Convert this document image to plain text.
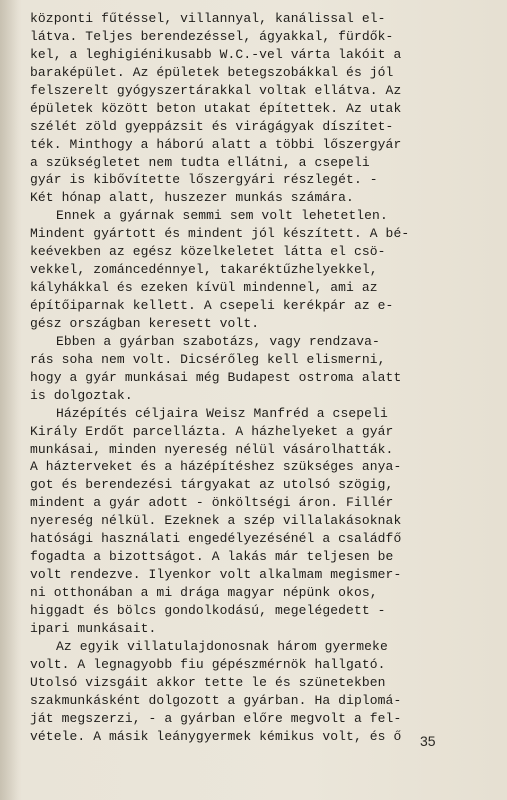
központi fűtéssel, villannyal, kanálissal el-
látva. Teljes berendezéssel, ágyakkal, fürdők-
kel, a leghigiénikusabb W.C.-vel várta lakóit a
baraképület. Az épületek betegszobákkal és jól
felszerelt gyógyszertárakkal voltak ellátva. Az
épületek között beton utakat építettek. Az utak
szélét zöld gyeppázsit és virágágyak díszítet-
ték. Minthogy a háború alatt a többi lőszergyár
a szükségletet nem tudta ellátni, a csepeli
gyár is kibővítette lőszergyári részlegét. -
Két hónap alatt, huszezer munkás számára.
Ennek a gyárnak semmi sem volt lehetetlen.
Mindent gyártott és mindent jól készített. A bé-
keévekben az egész közelkeletet látta el csö-
vekkel, zománcedénnyel, takaréktűzhelyekkel,
kályhákkal és ezeken kívül mindennel, ami az
építőiparnak kellett. A csepeli kerékpár az e-
gész országban keresett volt.
Ebben a gyárban szabotázs, vagy rendzava-
rás soha nem volt. Dicsérőleg kell elismerni,
hogy a gyár munkásai még Budapest ostroma alatt
is dolgoztak.
Házépítés céljaira Weisz Manfréd a csepeli
Király Erdőt parcellázta. A házhelyeket a gyár
munkásai, minden nyereség nélül vásárolhatták.
A házterveket és a házépítéshez szükséges anya-
got és berendezési tárgyakat az utolsó szögig,
mindent a gyár adott - önköltségi áron. Fillér
nyereség nélkül. Ezeknek a szép villalakásoknak
hatósági használati engedélyezésénél a családfő
fogadta a bizottságot. A lakás már teljesen be
volt rendezve. Ilyenkor volt alkalmam megismer-
ni otthonában a mi drága magyar népünk okos,
higgadt és bölcs gondolkodású, megelégedett -
ipari munkásait.
Az egyik villatulajdonosnak három gyermeke
volt. A legnagyobb fiu gépészmérnök hallgató.
Utolsó vizsgáit akkor tette le és szünetekben
szakmunkásként dolgozott a gyárban. Ha diplomá-
ját megszerzi, - a gyárban előre megvolt a fel-
vétele. A másik leánygyermek kémikus volt, és ő	35
